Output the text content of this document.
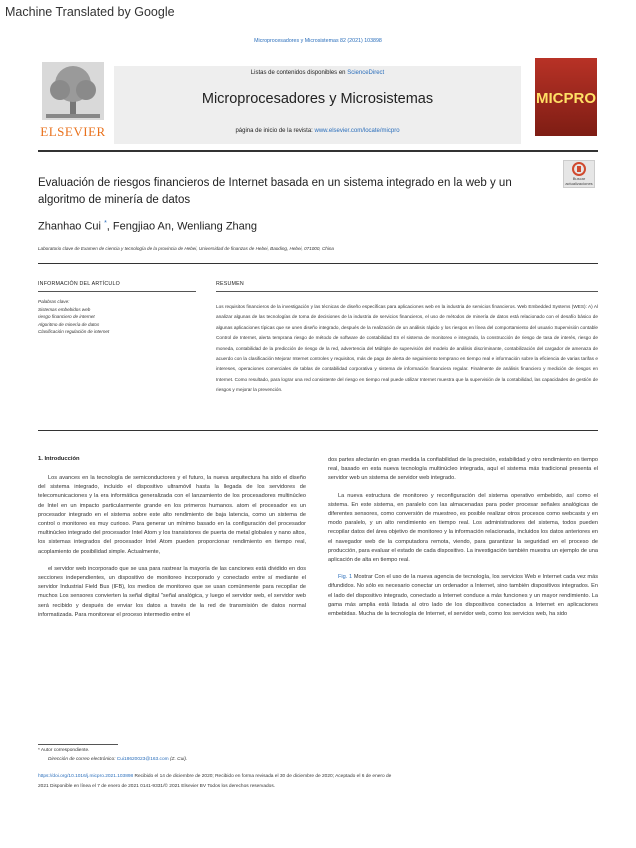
Machine Translated by Google
Microprocesadores y Microsistemas 82 (2021) 103898
ELSEVIER
Listas de contenidos disponibles en ScienceDirect
Microprocesadores y Microsistemas
página de inicio de la revista: www.elsevier.com/locate/micpro
MICPRO
Buscar actualizaciones
Evaluación de riesgos financieros de Internet basada en un sistema integrado en la web y un algoritmo de minería de datos
Zhanhao Cui *, Fengjiao An, Wenliang Zhang
Laboratorio clave de Examen de ciencia y tecnología de la provincia de Hebei, Universidad de finanzas de Hebei, Baoding, Hebei, 071000, China
INFORMACIÓN DEL ARTÍCULO
Palabras clave:
Sistemas embebidos web
riesgo financiero de internet
Algoritmo de minería de datos
Clasificación regulación de internet
RESUMEN
Los requisitos financieros de la investigación y las técnicas de diseño específicas para aplicaciones web en la industria de servicios financieros. Web Embedded Systems (WES): A) Al analizar algunas de las tecnologías de toma de decisiones de la industria de servicios financieros, el uso de métodos de minería de datos está relacionado con el desafío básico de algunas aplicaciones típicas que se unen diseño integrado, después de la realización de un análisis rápido y los riesgos en línea del comportamiento del usuario Supervisión contable Control de Internet, alerta temprana riesgo de método de software de contabilidad En el sistema de monitoreo e integrado, la construcción de riesgo de tasa de interés, riesgo de moneda, contabilidad de la predicción de riesgo de la red, advertencia del Múltiple de supervisión del modelo de análisis discriminante, contabilización del cargador de amenaza de acuerdo con la clasificación Mejorar Internet controles y requisitos, más de pago de alerta de seguimiento temprano en tiempo real e información sobre la eficiencia de varias tarifas e intereses, operaciones comerciales de tablas de contabilidad corporativa y sistema de información financiera regular. Finalmente de análisis financiero y medición de riesgos en Internet. Como resultado, para lograr una red consistente del riesgo en tiempo real puede utilizar Internet muestra que la supervisión de la contabilidad, las capacidades de gestión de riesgos y mejorar la prevención.
1. Introducción

Los avances en la tecnología de semiconductores y el futuro, la nueva arquitectura ha sido el diseño del sistema integrado, incluido el dispositivo ultramóvil hasta la llegada de los servidores de telecomunicaciones y la era informática generalizada con el lanzamiento de los procesadores multinúcleo de Intel en un impacto particularmente grande en los primeros humanos. atom el procesador es un procesador integrado en el sistema sobre este alto rendimiento de baja latencia, como un sistema de control o monitoreo es muy curioso. Para generar un mínimo basado en la configuración del procesador multinúcleo integrado del procesador Intel Atom y los transistores de puerta de metal globales y nano altos, los sistemas integrados del procesador Intel Atom pueden proporcionar rendimiento en tiempo real, acoplamiento de posibilidad simple. Actualmente,

el servidor web incorporado que se usa para rastrear la mayoría de las canciones está dividido en dos secciones independientes, un dispositivo de monitoreo incorporado y conectado entre sí mediante el servidor Industrial Field Bus (IFB), los medios de monitoreo que se usan comúnmente para recopilar de muchos Los sensores convierten la señal digital "señal analógica, y luego el servidor web, el servidor web será recibido y después de enviar los datos a través de la red de transmisión de datos normal informatizada. Para monitorear el proceso intermedio entre el

dos partes afectarán en gran medida la confiabilidad de la precisión, estabilidad y otro rendimiento en tiempo real, basado en esta nueva tecnología multinúcleo integrada, aquí el sistema más tradicional presenta el servidor web un sistema de servidor web integrado.

La nueva estructura de monitoreo y reconfiguración del sistema operativo embebido, así como el sistema. En este sistema, en paralelo con las almacenadas para poder procesar señales analógicas de diferentes sensores, como conversión de muestreo, es posible realizar otros procesos como webcasts y en modo paralelo, y un alto rendimiento en tiempo real. Los administradores del sistema, todos pueden recopilar datos del área objetivo de monitoreo y la información relacionada, incluidos los datos anteriores en el navegador web de la computadora remota, viendo, para garantizar la seguridad en el proceso de producción, para evaluar el estado de cada dispositivo. La investigación también muestra un ejemplo de una aplicación de alta en tiempo real.

Fig. 1 Mostrar Con el uso de la nueva agencia de tecnología, los servicios Web e Internet cada vez más difundidos. No sólo es necesario conectar un ordenador a Internet, sino también dispositivos integrados. En el lado del dispositivo integrado, conectado a Internet conduce a más funciones y un mayor rendimiento. La gama más amplia está listada al otro lado de los dispositivos conectados a Internet en aplicaciones embebidas. Mucha de la tecnología de Internet, el servidor web, como los servicios web, ha sido

* Autor correspondiente.
Dirección de correo electrónico: Cui18620023@163.com (Z. Cui).
https://doi.org/10.1016/j.micpro.2021.103898 Recibido el 14 de diciembre de 2020; Recibido en forma revisada el 30 de diciembre de 2020; Aceptado el 6 de enero de 2021 Disponible en línea el 7 de enero de 2021 0141-9331/© 2021 Elsevier BV Todos los derechos reservados.
